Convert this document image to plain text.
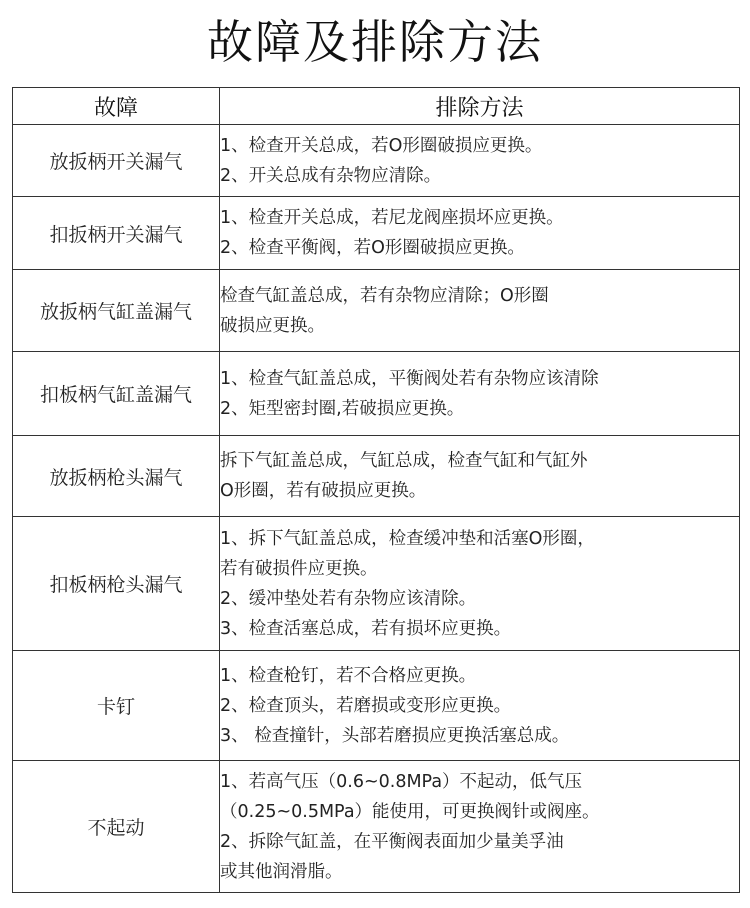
故障及排除方法
故障	排除方法
放扳柄开关漏气	1、检查开关总成，若O形圈破损应更换。
2、开关总成有杂物应清除。

扣扳柄开关漏气	1、检查开关总成，若尼龙阀座损坏应更换。
2、检查平衡阀，若O形圈破损应更换。

放扳柄气缸盖漏气	检查气缸盖总成，若有杂物应清除；O形圈
破损应更换。

扣板柄气缸盖漏气	1、检查气缸盖总成，平衡阀处若有杂物应该清除
2、矩型密封圈,若破损应更换。

放扳柄枪头漏气	拆下气缸盖总成，气缸总成，检查气缸和气缸外
O形圈，若有破损应更换。

扣板柄枪头漏气	1、拆下气缸盖总成，检查缓冲垫和活塞O形圈，
若有破损件应更换。
2、缓冲垫处若有杂物应该清除。
3、检查活塞总成，若有损坏应更换。

卡钉	1、检查枪钉，若不合格应更换。
2、检查顶头，若磨损或变形应更换。
3、 检查撞针，头部若磨损应更换活塞总成。

不起动	1、若高气压（0.6~0.8MPa）不起动，低气压
（0.25~0.5MPa）能使用，可更换阀针或阀座。
2、拆除气缸盖，在平衡阀表面加少量美孚油
或其他润滑脂。
